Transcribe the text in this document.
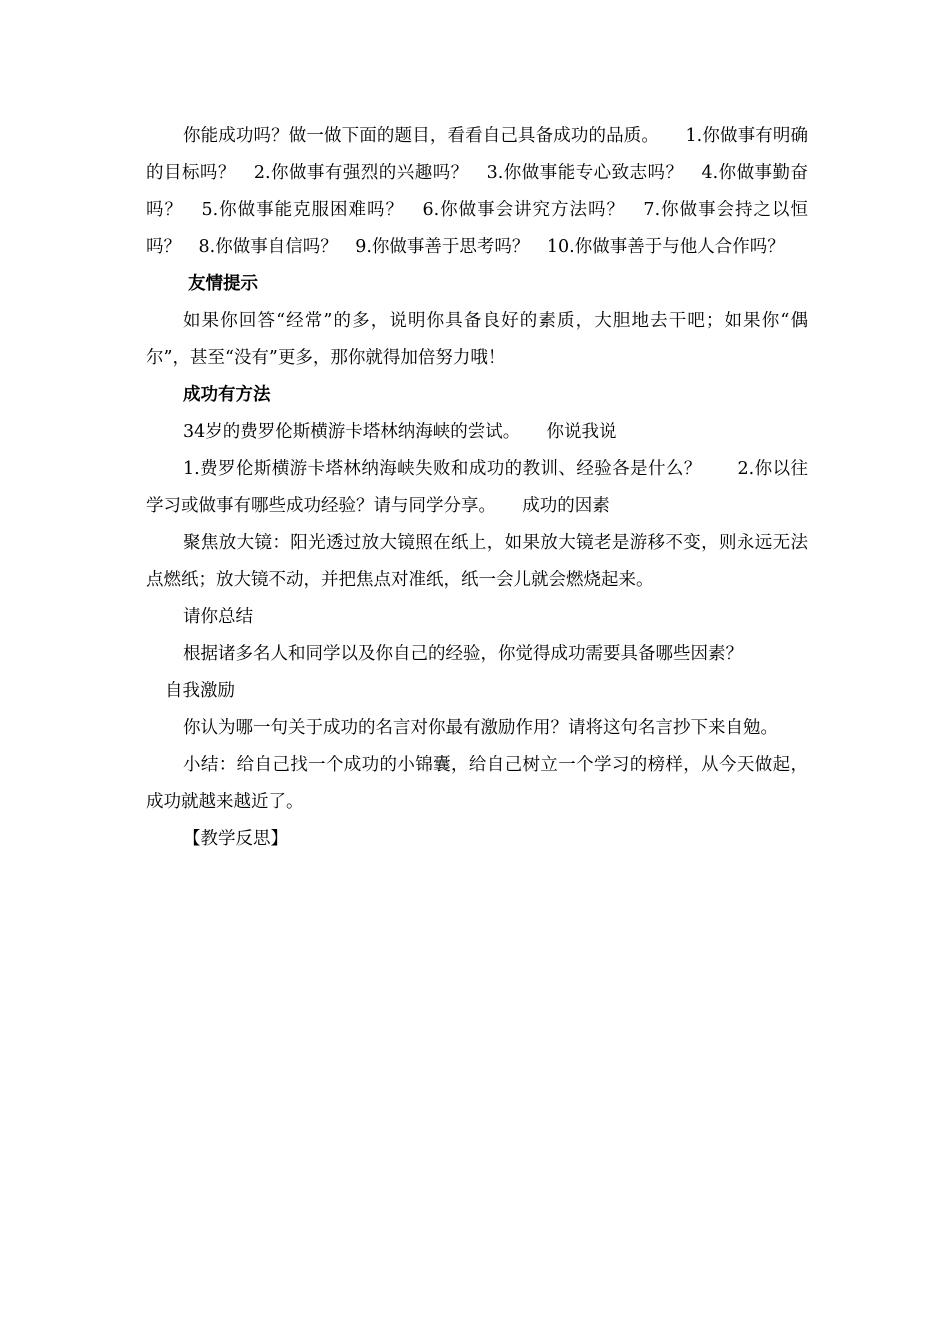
你能成功吗？做一做下面的题目，看看自己具备成功的品质。　　1.你做事有明确的目标吗？　2.你做事有强烈的兴趣吗？　3.你做事能专心致志吗？　4.你做事勤奋吗？　5.你做事能克服困难吗？　6.你做事会讲究方法吗？　7.你做事会持之以恒吗？　8.你做事自信吗？　9.你做事善于思考吗？　10.你做事善于与他人合作吗？

友情提示

如果你回答“经常”的多，说明你具备良好的素质，大胆地去干吧；如果你“偶尔”，甚至“没有”更多，那你就得加倍努力哦！

成功有方法

34岁的费罗伦斯横游卡塔林纳海峡的尝试。　　你说我说

1.费罗伦斯横游卡塔林纳海峡失败和成功的教训、经验各是什么？　　2.你以往学习或做事有哪些成功经验？请与同学分享。　　成功的因素

聚焦放大镜：阳光透过放大镜照在纸上，如果放大镜老是游移不变，则永远无法点燃纸；放大镜不动，并把焦点对准纸，纸一会儿就会燃烧起来。

请你总结

根据诸多名人和同学以及你自己的经验，你觉得成功需要具备哪些因素？

自我激励

你认为哪一句关于成功的名言对你最有激励作用？请将这句名言抄下来自勉。

小结：给自己找一个成功的小锦囊，给自己树立一个学习的榜样，从今天做起，成功就越来越近了。

【教学反思】
